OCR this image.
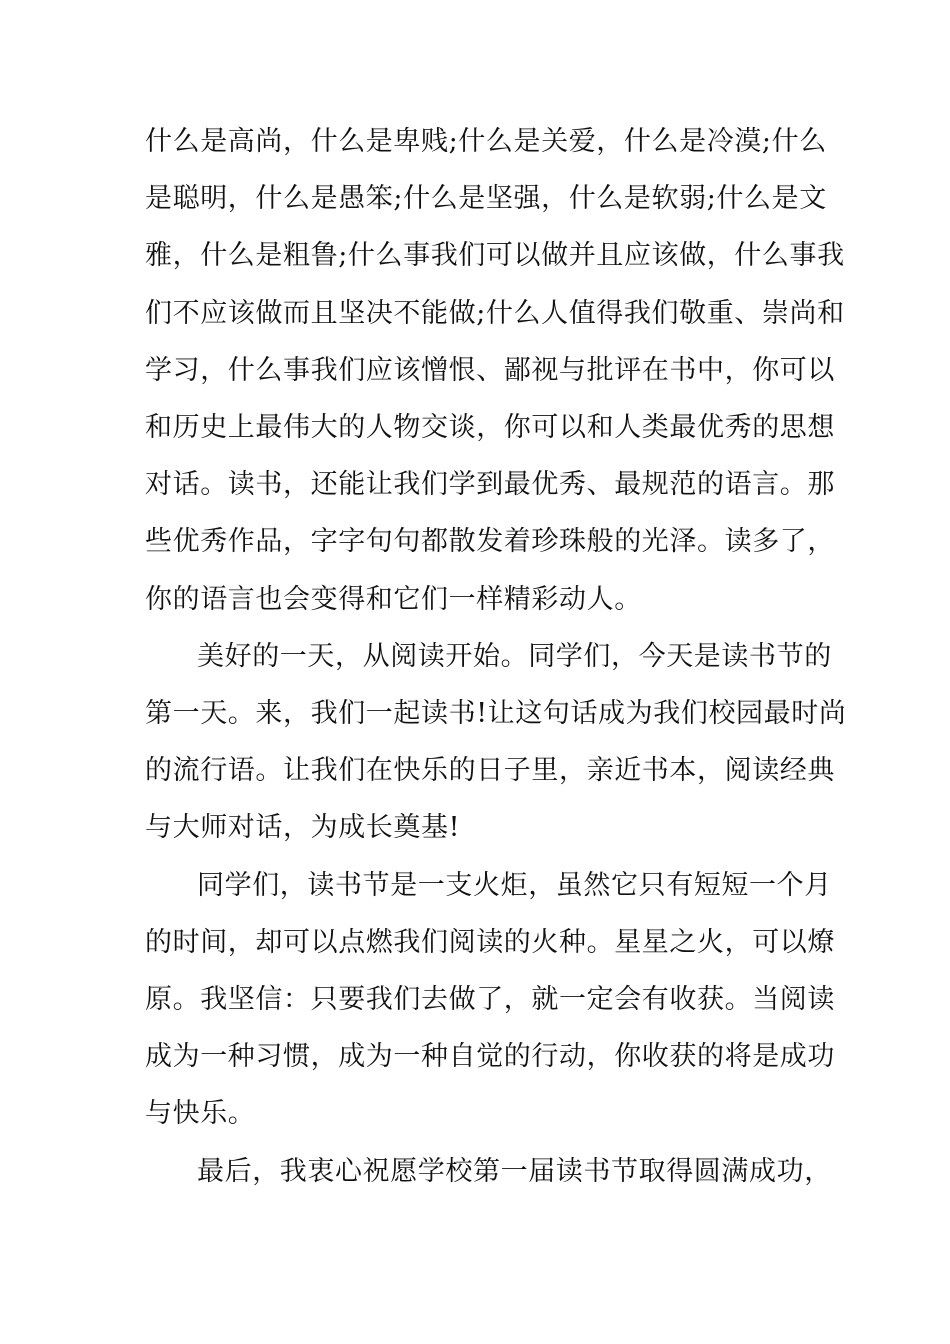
什么是高尚，什么是卑贱;什么是关爱，什么是冷漠;什么
是聪明，什么是愚笨;什么是坚强，什么是软弱;什么是文
雅，什么是粗鲁;什么事我们可以做并且应该做，什么事我
们不应该做而且坚决不能做;什么人值得我们敬重、崇尚和
学习，什么事我们应该憎恨、鄙视与批评在书中，你可以
和历史上最伟大的人物交谈，你可以和人类最优秀的思想
对话。读书，还能让我们学到最优秀、最规范的语言。那
些优秀作品，字字句句都散发着珍珠般的光泽。读多了，
你的语言也会变得和它们一样精彩动人。
美好的一天，从阅读开始。同学们，今天是读书节的
第一天。来，我们一起读书!让这句话成为我们校园最时尚
的流行语。让我们在快乐的日子里，亲近书本，阅读经典
与大师对话，为成长奠基!
同学们，读书节是一支火炬，虽然它只有短短一个月
的时间，却可以点燃我们阅读的火种。星星之火，可以燎
原。我坚信：只要我们去做了，就一定会有收获。当阅读
成为一种习惯，成为一种自觉的行动，你收获的将是成功
与快乐。
最后，我衷心祝愿学校第一届读书节取得圆满成功，
